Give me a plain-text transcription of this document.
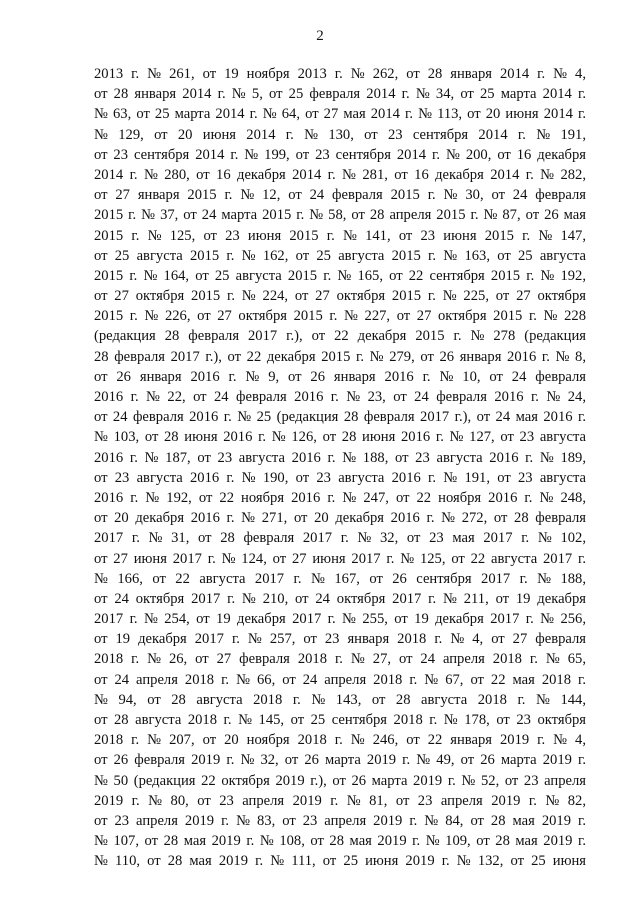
2
2013 г. № 261, от 19 ноября 2013 г. № 262, от 28 января 2014 г. № 4,
от 28 января 2014 г. № 5, от 25 февраля 2014 г. № 34, от 25 марта 2014 г.
№ 63, от 25 марта 2014 г. № 64, от 27 мая 2014 г. № 113, от 20 июня 2014 г.
№ 129, от 20 июня 2014 г. № 130, от 23 сентября 2014 г. № 191,
от 23 сентября 2014 г. № 199, от 23 сентября 2014 г. № 200, от 16 декабря
2014 г. № 280, от 16 декабря 2014 г. № 281, от 16 декабря 2014 г. № 282,
от 27 января 2015 г. № 12, от 24 февраля 2015 г. № 30, от 24 февраля
2015 г. № 37, от 24 марта 2015 г. № 58, от 28 апреля 2015 г. № 87, от 26 мая
2015 г. № 125, от 23 июня 2015 г. № 141, от 23 июня 2015 г. № 147,
от 25 августа 2015 г. № 162, от 25 августа 2015 г. № 163, от 25 августа
2015 г. № 164, от 25 августа 2015 г. № 165, от 22 сентября 2015 г. № 192,
от 27 октября 2015 г. № 224, от 27 октября 2015 г. № 225, от 27 октября
2015 г. № 226, от 27 октября 2015 г. № 227, от 27 октября 2015 г. № 228
(редакция 28 февраля 2017 г.), от 22 декабря 2015 г. № 278 (редакция
28 февраля 2017 г.), от 22 декабря 2015 г. № 279, от 26 января 2016 г. № 8,
от 26 января 2016 г. № 9, от 26 января 2016 г. № 10, от 24 февраля
2016 г. № 22, от 24 февраля 2016 г. № 23, от 24 февраля 2016 г. № 24,
от 24 февраля 2016 г. № 25 (редакция 28 февраля 2017 г.), от 24 мая 2016 г.
№ 103, от 28 июня 2016 г. № 126, от 28 июня 2016 г. № 127, от 23 августа
2016 г. № 187, от 23 августа 2016 г. № 188, от 23 августа 2016 г. № 189,
от 23 августа 2016 г. № 190, от 23 августа 2016 г. № 191, от 23 августа
2016 г. № 192, от 22 ноября 2016 г. № 247, от 22 ноября 2016 г. № 248,
от 20 декабря 2016 г. № 271, от 20 декабря 2016 г. № 272, от 28 февраля
2017 г. № 31, от 28 февраля 2017 г. № 32, от 23 мая 2017 г. № 102,
от 27 июня 2017 г. № 124, от 27 июня 2017 г. № 125, от 22 августа 2017 г.
№ 166, от 22 августа 2017 г. № 167, от 26 сентября 2017 г. № 188,
от 24 октября 2017 г. № 210, от 24 октября 2017 г. № 211, от 19 декабря
2017 г. № 254, от 19 декабря 2017 г. № 255, от 19 декабря 2017 г. № 256,
от 19 декабря 2017 г. № 257, от 23 января 2018 г. № 4, от 27 февраля
2018 г. № 26, от 27 февраля 2018 г. № 27, от 24 апреля 2018 г. № 65,
от 24 апреля 2018 г. № 66, от 24 апреля 2018 г. № 67, от 22 мая 2018 г.
№ 94, от 28 августа 2018 г. № 143, от 28 августа 2018 г. № 144,
от 28 августа 2018 г. № 145, от 25 сентября 2018 г. № 178, от 23 октября
2018 г. № 207, от 20 ноября 2018 г. № 246, от 22 января 2019 г. № 4,
от 26 февраля 2019 г. № 32, от 26 марта 2019 г. № 49, от 26 марта 2019 г.
№ 50 (редакция 22 октября 2019 г.), от 26 марта 2019 г. № 52, от 23 апреля
2019 г. № 80, от 23 апреля 2019 г. № 81, от 23 апреля 2019 г. № 82,
от 23 апреля 2019 г. № 83, от 23 апреля 2019 г. № 84, от 28 мая 2019 г.
№ 107, от 28 мая 2019 г. № 108, от 28 мая 2019 г. № 109, от 28 мая 2019 г.
№ 110, от 28 мая 2019 г. № 111, от 25 июня 2019 г. № 132, от 25 июня
